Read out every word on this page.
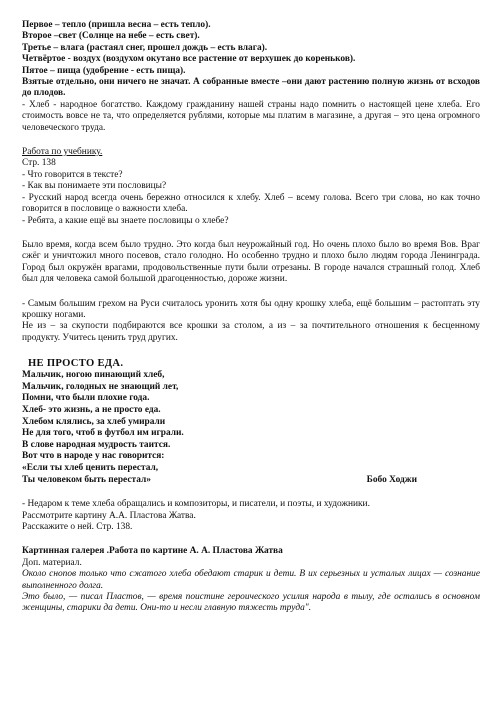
Первое – тепло (пришла весна – есть тепло).
Второе –свет (Солнце на небе – есть свет).
Третье – влага (растаял снег, прошел дождь – есть влага).
Четвёртое - воздух (воздухом окутано все растение от верхушек до кореньков).
Пятое – пища (удобрение - есть пища).
Взятые отдельно, они ничего не значат. А собранные вместе –они дают растению полную жизнь от всходов до плодов.
- Хлеб - народное богатство. Каждому гражданину нашей страны надо помнить о настоящей цене хлеба. Его стоимость вовсе не та, что определяется рублями, которые мы платим в магазине, а другая – это цена огромного человеческого труда.
Работа по учебнику.
Стр. 138
- Что говорится в тексте?
- Как вы понимаете эти пословицы?
- Русский народ всегда очень бережно относился к хлебу. Хлеб – всему голова. Всего три слова, но как точно говорится в пословице о важности хлеба.
- Ребята, а какие ещё вы знаете пословицы о хлебе?
Было время, когда всем было трудно. Это когда был неурожайный год. Но очень плохо было во время Вов. Враг сжёг и уничтожил много посевов, стало голодно. Но особенно трудно и плохо было людям города Ленинграда. Город был окружён врагами, продовольственные пути были отрезаны. В городе начался страшный голод. Хлеб был для человека самой большой драгоценностью, дороже жизни.
- Самым большим грехом на Руси считалось уронить хотя бы одну крошку хлеба, ещё большим – растоптать эту крошку ногами.
Не из – за скупости подбираются все крошки за столом, а из – за почтительного отношения к бесценному продукту. Учитесь ценить труд других.
НЕ ПРОСТО ЕДА.
Мальчик, ногою пинающий хлеб,
Мальчик, голодных не знающий лет,
Помни, что были плохие года.
Хлеб- это жизнь, а не просто еда.
Хлебом клялись, за хлеб умирали
Не для того, чтоб в футбол им играли.
В слове народная мудрость таится.
Вот что в народе у нас говорится:
«Если ты хлеб ценить перестал,
Ты человеком быть перестал»	Бобо Ходжи
- Недаром к теме хлеба обращались и композиторы, и писатели, и поэты, и художники.
Рассмотрите картину А.А. Пластова Жатва.
Расскажите о ней. Стр. 138.
Картинная галерея .Работа по картине А. А. Пластова Жатва
Доп. материал.
Около снопов только что сжатого хлеба обедают старик и дети. В их серьезных и усталых лицах — сознание выполненного долга.
Это было, — писал Пластов, — время поистине героического усилия народа в тылу, где остались в основном женщины, старики да дети. Они-то и несли главную тяжесть труда".
